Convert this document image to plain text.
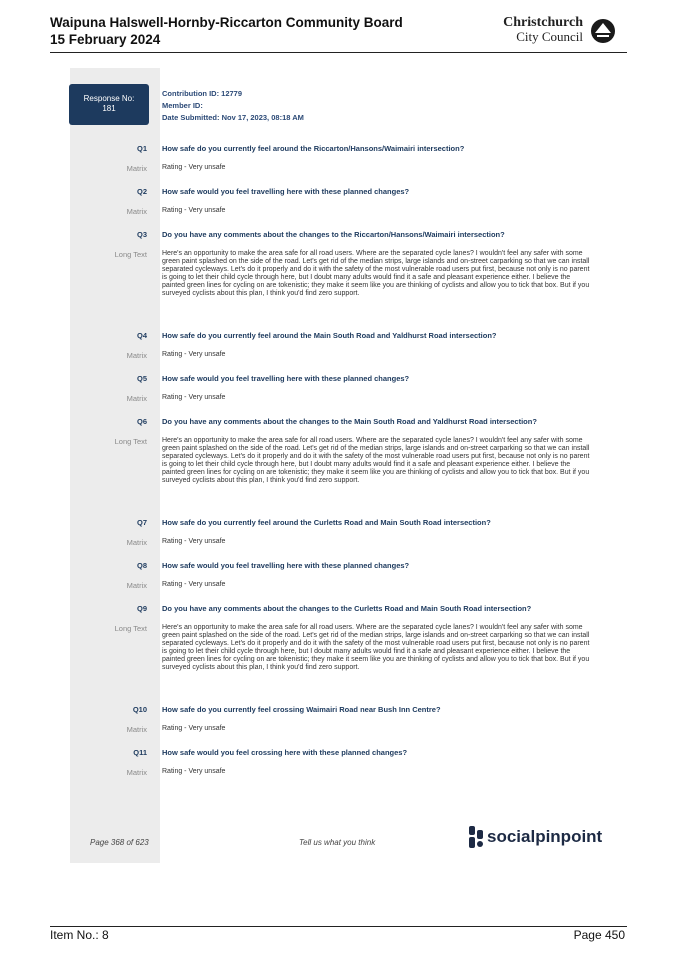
Waipuna Halswell-Hornby-Riccarton Community Board
15 February 2024
Christchurch
City Council
Response No:
181
Contribution ID: 12779
Member ID:
Date Submitted: Nov 17, 2023, 08:18 AM
Q1 How safe do you currently feel around the Riccarton/Hansons/Waimairi intersection?
Matrix Rating - Very unsafe
Q2 How safe would you feel travelling here with these planned changes?
Matrix Rating - Very unsafe
Q3 Do you have any comments about the changes to the Riccarton/Hansons/Waimairi intersection?
Long Text Here's an opportunity to make the area safe for all road users. Where are the separated cycle lanes? I wouldn't feel any safer with some green paint splashed on the side of the road. Let's get rid of the median strips, large islands and on-street carparking so that we can install separated cycleways. Let's do it properly and do it with the safety of the most vulnerable road users put first, because not only is no parent is going to let their child cycle through here, but I doubt many adults would find it a safe and pleasant experience either. I believe the painted green lines for cycling on are tokenistic; they make it seem like you are thinking of cyclists and allow you to tick that box. But if you surveyed cyclists about this plan, I think you'd find zero support.
Q4 How safe do you currently feel around the Main South Road and Yaldhurst Road intersection?
Matrix Rating - Very unsafe
Q5 How safe would you feel travelling here with these planned changes?
Matrix Rating - Very unsafe
Q6 Do you have any comments about the changes to the Main South Road and Yaldhurst Road intersection?
Long Text Here's an opportunity to make the area safe for all road users. Where are the separated cycle lanes? I wouldn't feel any safer with some green paint splashed on the side of the road. Let's get rid of the median strips, large islands and on-street carparking so that we can install separated cycleways. Let's do it properly and do it with the safety of the most vulnerable road users put first, because not only is no parent is going to let their child cycle through here, but I doubt many adults would find it a safe and pleasant experience either. I believe the painted green lines for cycling on are tokenistic; they make it seem like you are thinking of cyclists and allow you to tick that box. But if you surveyed cyclists about this plan, I think you'd find zero support.
Q7 How safe do you currently feel around the Curletts Road and Main South Road intersection?
Matrix Rating - Very unsafe
Q8 How safe would you feel travelling here with these planned changes?
Matrix Rating - Very unsafe
Q9 Do you have any comments about the changes to the Curletts Road and Main South Road intersection?
Long Text Here's an opportunity to make the area safe for all road users. Where are the separated cycle lanes? I wouldn't feel any safer with some green paint splashed on the side of the road. Let's get rid of the median strips, large islands and on-street carparking so that we can install separated cycleways. Let's do it properly and do it with the safety of the most vulnerable road users put first, because not only is no parent is going to let their child cycle through here, but I doubt many adults would find it a safe and pleasant experience either. I believe the painted green lines for cycling on are tokenistic; they make it seem like you are thinking of cyclists and allow you to tick that box. But if you surveyed cyclists about this plan, I think you'd find zero support.
Q10 How safe do you currently feel crossing Waimairi Road near Bush Inn Centre?
Matrix Rating - Very unsafe
Q11 How safe would you feel crossing here with these planned changes?
Matrix Rating - Very unsafe
Page 368 of 623	Tell us what you think	socialpinpoint
Item No.: 8	Page 450
